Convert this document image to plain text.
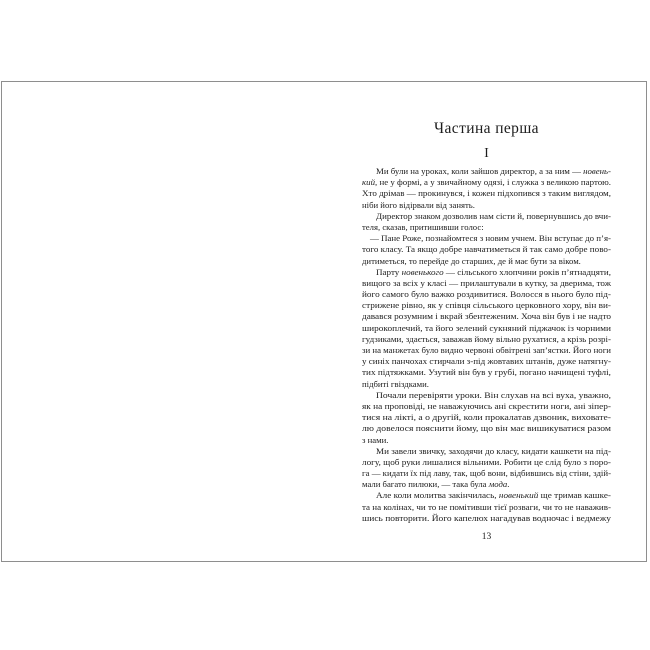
Частина перша
I
Ми були на уроках, коли зайшов директор, а за ним — новень-
кий, не у формі, а у звичайному одязі, і служка з великою партою.
Хто дрімав — прокинувся, і кожен підхопився з таким виглядом,
ніби його відірвали від занять.
Директор знаком дозволив нам сісти й, повернувшись до вчи-
теля, сказав, притишивши голос:
— Пане Роже, познайомтеся з новим учнем. Він вступає до п’я-
того класу. Та якщо добре навчатиметься й так само добре пово-
дитиметься, то перейде до старших, де й має бути за віком.
Парту новенького — сільського хлопчини років п’ятнадцяти,
вищого за всіх у класі — прилаштували в кутку, за дверима, тож
його самого було важко роздивитися. Волосся в нього було під-
стрижене рівно, як у співця сільського церковного хору, він ви-
давався розумним і вкрай збентеженим. Хоча він був і не надто
широкоплечий, та його зелений сукняний піджачок із чорними
гудзиками, здається, заважав йому вільно рухатися, а крізь розрі-
зи на манжетах було видно червоні обвітрені зап’ястки. Його ноги
у синіх панчохах стирчали з-під жовтавих штанів, дуже натягну-
тих підтяжками. Узутий він був у грубі, погано начищені туфлі,
підбиті гвіздками.
Почали перевіряти уроки. Він слухав на всі вуха, уважно,
як на проповіді, не наважуючись ані скрестити ноги, ані зіпер-
тися на лікті, а о другій, коли прокалатав дзвоник, виховате-
лю довелося пояснити йому, що він має вишикуватися разом
з нами.
Ми завели звичку, заходячи до класу, кидати кашкети на під-
логу, щоб руки лишалися вільними. Робити це слід було з поро-
га — кидати їх під лаву, так, щоб вони, відбившись від стіни, здій-
мали багато пилюки, — така була мода.
Але коли молитва закінчилась, новенький ще тримав кашке-
та на колінах, чи то не помітивши тієї розваги, чи то не наважив-
шись повторити. Його капелюх нагадував водночас і ведмежу
13
